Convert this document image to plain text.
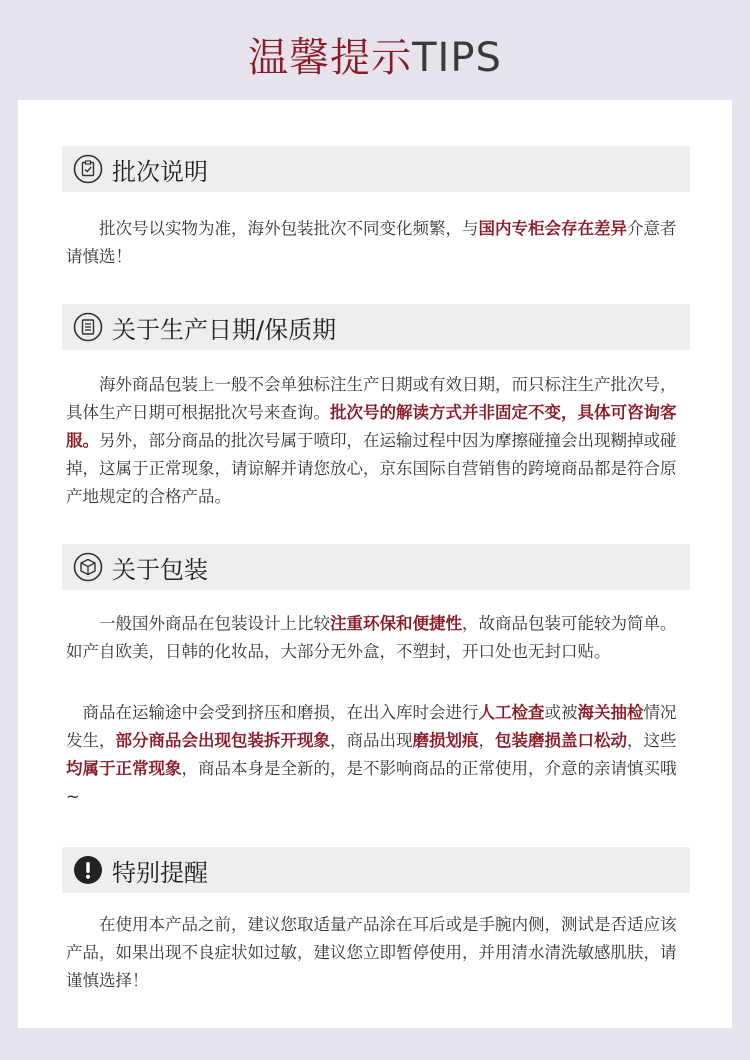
温馨提示TIPS
批次说明

　　批次号以实物为准，海外包装批次不同变化频繁，与国内专柜会存在差异介意者请慎选！

关于生产日期/保质期

　　海外商品包装上一般不会单独标注生产日期或有效日期，而只标注生产批次号，具体生产日期可根据批次号来查询。批次号的解读方式并非固定不变，具体可咨询客服。另外，部分商品的批次号属于喷印，在运输过程中因为摩擦碰撞会出现糊掉或碰掉，这属于正常现象，请谅解并请您放心，京东国际自营销售的跨境商品都是符合原产地规定的合格产品。

关于包装

　　一般国外商品在包装设计上比较注重环保和便捷性，故商品包装可能较为简单。如产自欧美，日韩的化妆品，大部分无外盒，不塑封，开口处也无封口贴。

　商品在运输途中会受到挤压和磨损，在出入库时会进行人工检查或被海关抽检情况发生，部分商品会出现包装拆开现象，商品出现磨损划痕，包装磨损盖口松动，这些均属于正常现象，商品本身是全新的，是不影响商品的正常使用，介意的亲请慎买哦~

特别提醒

　　在使用本产品之前，建议您取适量产品涂在耳后或是手腕内侧，测试是否适应该产品，如果出现不良症状如过敏，建议您立即暂停使用，并用清水清洗敏感肌肤，请谨慎选择！
